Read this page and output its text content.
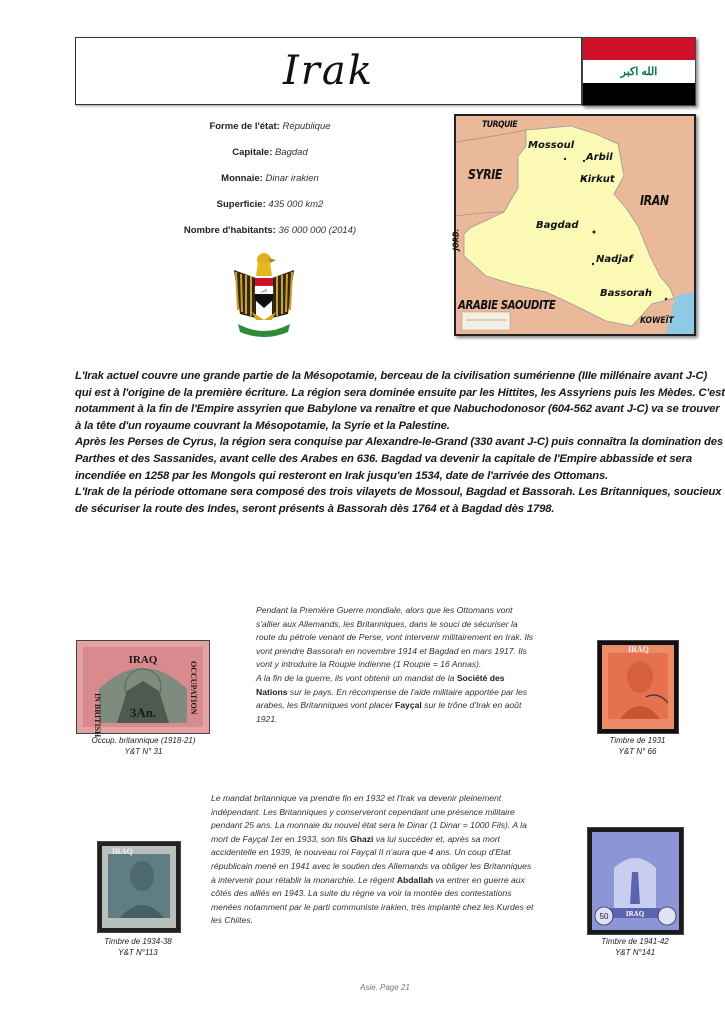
Irak	الله اكبر
Forme de l'état: République
Capitale: Bagdad
Monnaie: Dinar irakien
Superficie: 435 000 km2
Nombre d'habitants: 36 000 000 (2014)
اكبر
TURQUIE
SYRIE
IRAN
JORD.
ARABIE SAOUDITE
KOWEÏT
Mossoul
Arbil
Kirkut
Bagdad
Nadjaf
Bassorah

L'Irak actuel couvre une grande partie de la Mésopotamie, berceau de la civilisation sumérienne (IIIe millénaire avant J-C) qui est à l'origine de la première écriture. La région sera dominée ensuite par les Hittites, les Assyriens puis les Mèdes. C'est notamment à la fin de l'Empire assyrien que Babylone va renaître et que Nabuchodonosor (604-562 avant J-C) va se trouver à la tête d'un royaume couvrant la Mésopotamie, la Syrie et la Palestine.

Après les Perses de Cyrus, la région sera conquise par Alexandre-le-Grand (330 avant J-C) puis connaîtra la domination des Parthes et des Sassanides, avant celle des Arabes en 636. Bagdad va devenir la capitale de l'Empire abbasside et sera incendiée en 1258 par les Mongols qui resteront en Irak jusqu'en 1534, date de l'arrivée des Ottomans.

L'Irak de la période ottomane sera composé des trois vilayets de Mossoul, Bagdad et Bassorah. Les Britanniques, soucieux de sécuriser la route des Indes, seront présents à Bassorah dès 1764 et à Bagdad dès 1798.

IRAQ
3An.	OCCUPATION
IN BRITISH
Occup. britannique (1918-21)
Y&T N° 31

Pendant la Première Guerre mondiale, alors que les Ottomans vont s'allier aux Allemands, les Britanniques, dans le souci de sécuriser la route du pétrole venant de Perse, vont intervenir militairement en Irak. Ils vont prendre Bassorah en novembre 1914 et Bagdad en mars 1917. Ils vont y introduire la Roupie indienne (1 Roupie = 16 Annas).

A la fin de la guerre, ils vont obtenir un mandat de la Société des Nations sur le pays. En récompense de l'aide militaire apportée par les arabes, les Britanniques vont placer Fayçal sur le trône d'Irak en août 1921.

IRAQ
Timbre de 1931
Y&T N° 66

Le mandat britannique va prendre fin en 1932 et l'Irak va devenir pleinement indépendant. Les Britanniques y conserveront cependant une présence militaire pendant 25 ans. La monnaie du nouvel état sera le Dinar (1 Dinar = 1000 Fils). A la mort de Fayçal 1er en 1933, son fils Ghazi va lui succéder et, après sa mort accidentelle en 1939, le nouveau roi Fayçal II n'aura que 4 ans. Un coup d'Etat républicain mené en 1941 avec le soutien des Allemands va obliger les Britanniques à intervenir pour rétablir la monarchie. Le régent Abdallah va entrer en guerre aux côtés des alliés en 1943. La suite du règne va voir la montée des contestations menées notamment par le parti communiste irakien, très implanté chez les Kurdes et les Chiites.

IRAQ
Timbre de 1934-38
Y&T N°113
IRAQ
50
Timbre de 1941-42
Y&T N°141
Asie. Page 21
